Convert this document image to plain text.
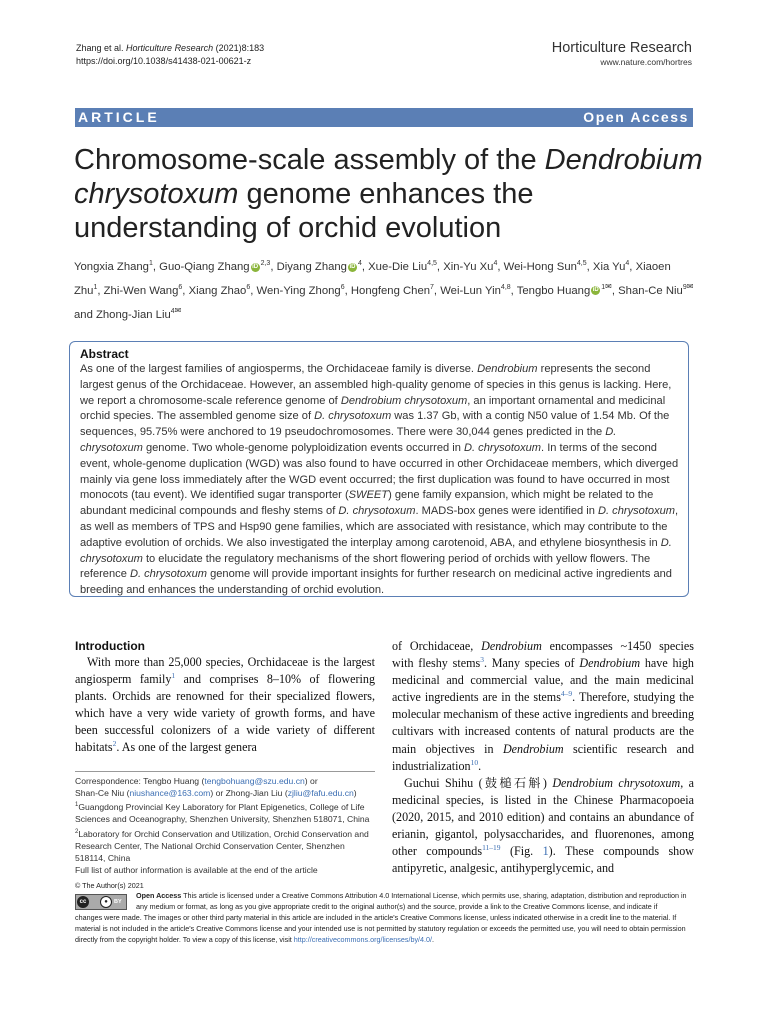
Zhang et al. Horticulture Research (2021)8:183
https://doi.org/10.1038/s41438-021-00621-z
Horticulture Research
www.nature.com/hortres
ARTICLE	Open Access
Chromosome-scale assembly of the Dendrobium chrysotoxum genome enhances the understanding of orchid evolution
Yongxia Zhang$^1$, Guo-Qiang Zhang iD $^{2,3}$, Diyang Zhang iD $^4$, Xue-Die Liu$^{4,5}$, Xin-Yu Xu$^4$, Wei-Hong Sun$^{4,5}$, Xia Yu$^4$, Xiaoen Zhu$^1$, Zhi-Wen Wang$^6$, Xiang Zhao$^6$, Wen-Ying Zhong$^6$, Hongfeng Chen$^7$, Wei-Lun Yin$^{4,8}$, Tengbo Huang iD $^{1✉}$, Shan-Ce Niu$^{9✉}$ and Zhong-Jian Liu$^{4✉}$
Abstract
As one of the largest families of angiosperms, the Orchidaceae family is diverse. Dendrobium represents the second largest genus of the Orchidaceae. However, an assembled high-quality genome of species in this genus is lacking. Here, we report a chromosome-scale reference genome of Dendrobium chrysotoxum, an important ornamental and medicinal orchid species. The assembled genome size of D. chrysotoxum was 1.37 Gb, with a contig N50 value of 1.54 Mb. Of the sequences, 95.75% were anchored to 19 pseudochromosomes. There were 30,044 genes predicted in the D. chrysotoxum genome. Two whole-genome polyploidization events occurred in D. chrysotoxum. In terms of the second event, whole-genome duplication (WGD) was also found to have occurred in other Orchidaceae members, which diverged mainly via gene loss immediately after the WGD event occurred; the first duplication was found to have occurred in most monocots (tau event). We identified sugar transporter (SWEET) gene family expansion, which might be related to the abundant medicinal compounds and fleshy stems of D. chrysotoxum. MADS-box genes were identified in D. chrysotoxum, as well as members of TPS and Hsp90 gene families, which are associated with resistance, which may contribute to the adaptive evolution of orchids. We also investigated the interplay among carotenoid, ABA, and ethylene biosynthesis in D. chrysotoxum to elucidate the regulatory mechanisms of the short flowering period of orchids with yellow flowers. The reference D. chrysotoxum genome will provide important insights for further research on medicinal active ingredients and breeding and enhances the understanding of orchid evolution.
Introduction
With more than 25,000 species, Orchidaceae is the largest angiosperm family$^1$ and comprises 8–10% of flowering plants. Orchids are renowned for their specialized flowers, which have a very wide variety of growth forms, and have been successful colonizers of a wide variety of different habitats$^2$. As one of the largest genera
of Orchidaceae, Dendrobium encompasses ~1450 species with fleshy stems$^3$. Many species of Dendrobium have high medicinal and commercial value, and the main medicinal active ingredients are in the stems$^{4-9}$. Therefore, studying the molecular mechanism of these active ingredients and breeding cultivars with increased contents of natural products are the main objectives in Dendrobium scientific research and industrialization$^{10}$.
Guchui Shihu (鼓槌石斛) Dendrobium chrysotoxum, a medicinal species, is listed in the Chinese Pharmacopoeia (2020, 2015, and 2010 edition) and contains an abundance of erianin, gigantol, polysaccharides, and fluorenones, among other compounds$^{11-19}$ (Fig. 1). These compounds show antipyretic, analgesic, antihyperglycemic, and
Correspondence: Tengbo Huang (tengbohuang@szu.edu.cn) or
Shan-Ce Niu (niushance@163.com) or Zhong-Jian Liu (zjliu@fafu.edu.cn)
$^1$Guangdong Provincial Key Laboratory for Plant Epigenetics, College of Life Sciences and Oceanography, Shenzhen University, Shenzhen 518071, China
$^2$Laboratory for Orchid Conservation and Utilization, Orchid Conservation and Research Center, The National Orchid Conservation Center, Shenzhen 518114, China
Full list of author information is available at the end of the article
© The Author(s) 2021
cc	●	BY
Open Access This article is licensed under a Creative Commons Attribution 4.0 International License, which permits use, sharing, adaptation, distribution and reproduction in any medium or format, as long as you give appropriate credit to the original author(s) and the source, provide a link to the Creative Commons license, and indicate if
changes were made. The images or other third party material in this article are included in the article's Creative Commons license, unless indicated otherwise in a credit line to the material. If material is not included in the article's Creative Commons license and your intended use is not permitted by statutory regulation or exceeds the permitted use, you will need to obtain permission directly from the copyright holder. To view a copy of this license, visit http://creativecommons.org/licenses/by/4.0/.
